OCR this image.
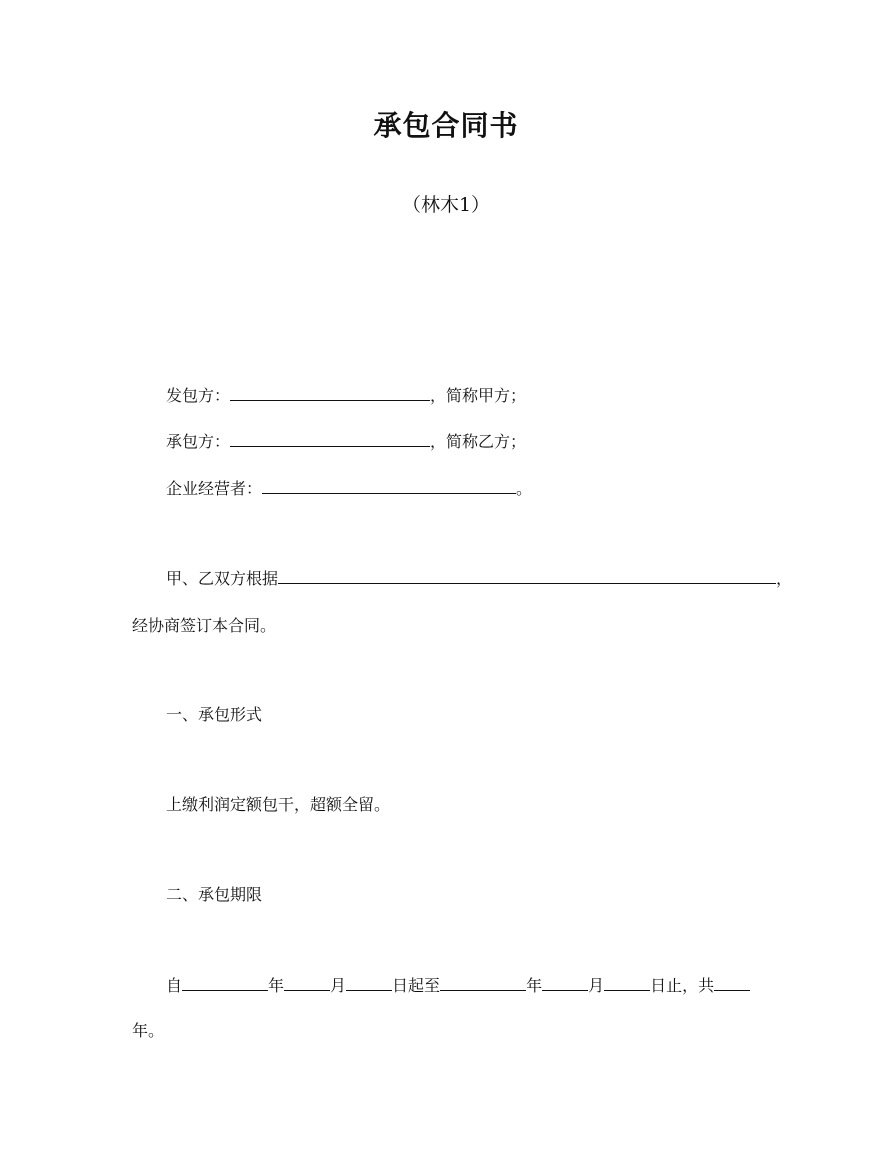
承包合同书
（林木1）
发包方：	，简称甲方；
承包方：	，简称乙方；
企业经营者：	。
甲、乙双方根据	，
经协商签订本合同。
一、承包形式
上缴利润定额包干，超额全留。
二、承包期限
自	年	月	日起至	年	月	日止，共
年。
